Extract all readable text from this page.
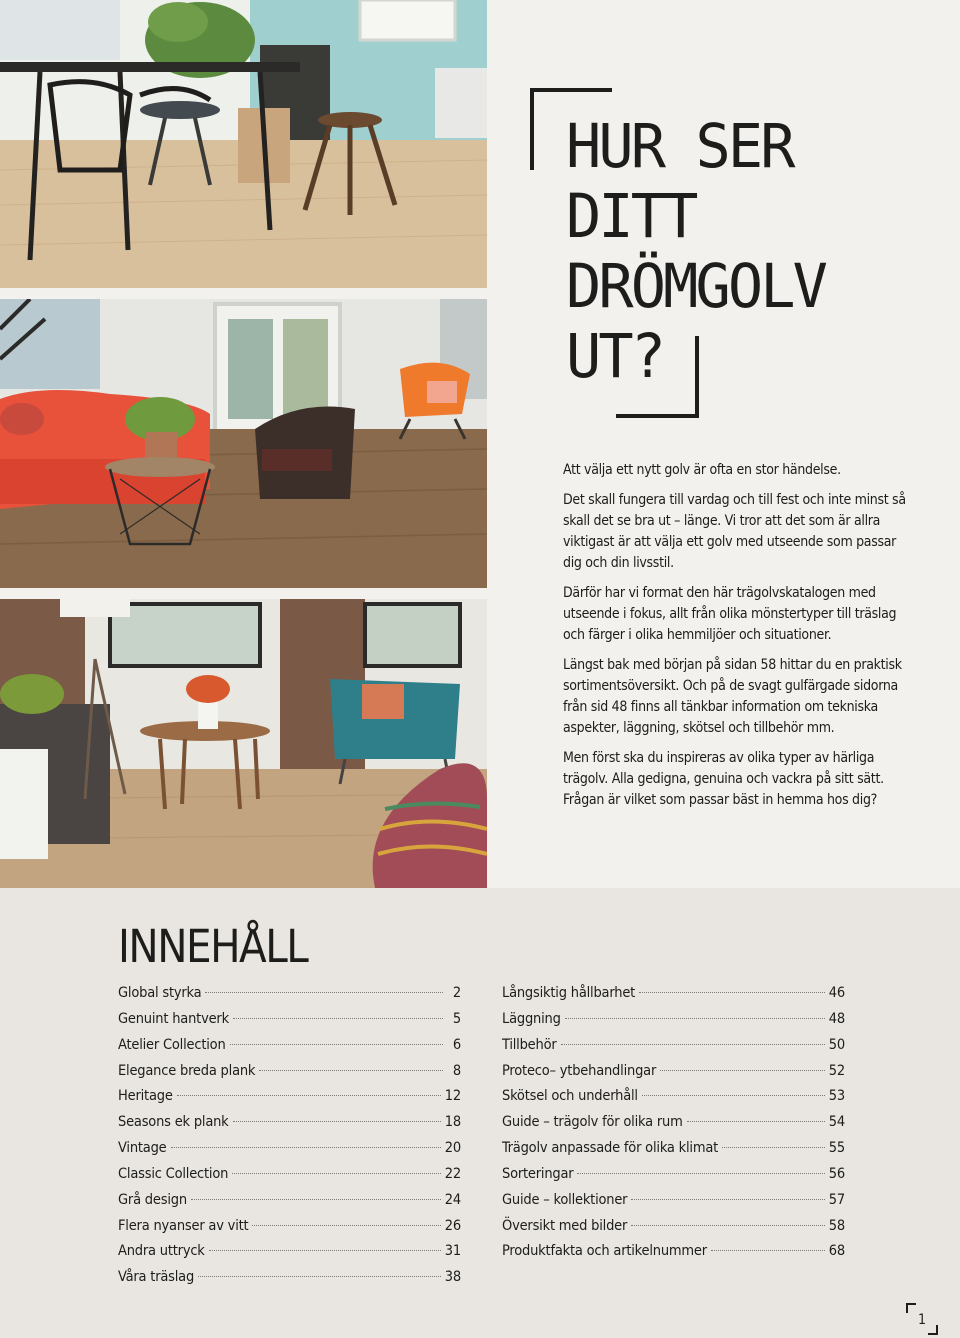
HUR SER
DITT
DRÖMGOLV
UT?

Att välja ett nytt golv är ofta en stor händelse.

Det skall fungera till vardag och till fest och inte minst så skall det se bra ut – länge. Vi tror att det som är allra viktigast är att välja ett golv med utseende som passar dig och din livsstil.

Därför har vi format den här trägolvskatalogen med utseende i fokus, allt från olika mönstertyper till träslag och färger i olika hemmiljöer och situationer.

Längst bak med början på sidan 58 hittar du en praktisk sortimentsöversikt. Och på de svagt gulfärgade sidorna från sid 48 finns all tänkbar information om tekniska aspekter, läggning, skötsel och tillbehör mm.

Men först ska du inspireras av olika typer av härliga trägolv. Alla gedigna, genuina och vackra på sitt sätt. Frågan är vilket som passar bäst in hemma hos dig?

INNEHÅLL
Global styrka	2
Genuint hantverk	5
Atelier Collection	6
Elegance breda plank	8
Heritage	12
Seasons ek plank	18
Vintage	20
Classic Collection	22
Grå design	24
Flera nyanser av vitt	26
Andra uttryck	31
Våra träslag	38
Långsiktig hållbarhet	46
Läggning	48
Tillbehör	50
Proteco– ytbehandlingar	52
Skötsel och underhåll	53
Guide – trägolv för olika rum	54
Trägolv anpassade för olika klimat	55
Sorteringar	56
Guide – kollektioner	57
Översikt med bilder	58
Produktfakta och artikelnummer	68
1
